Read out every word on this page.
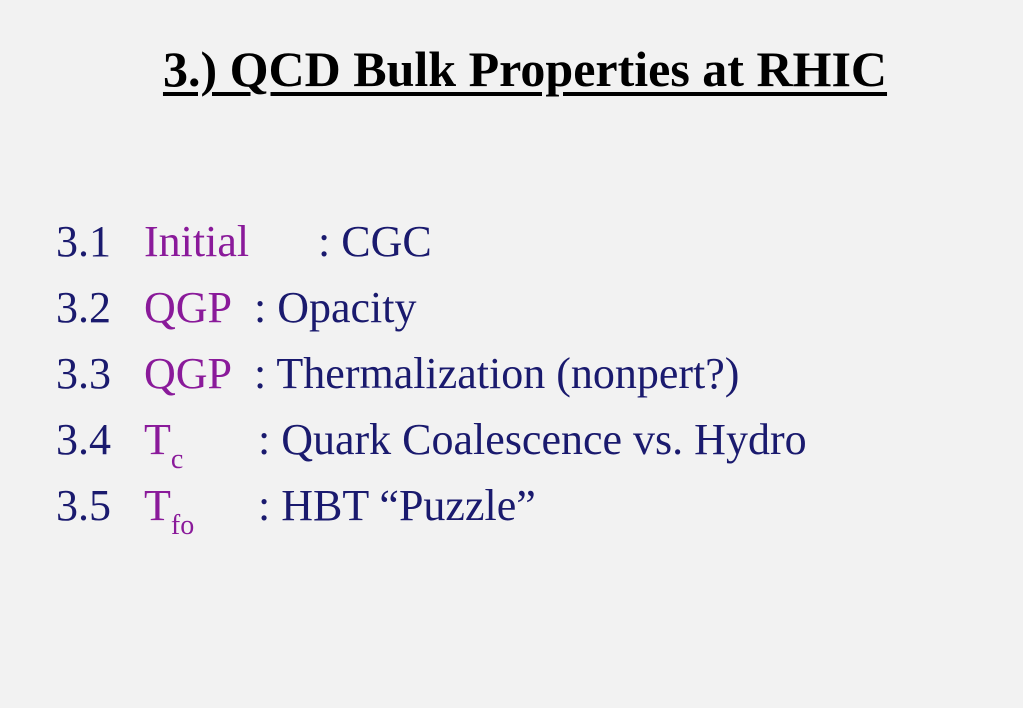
3.) QCD Bulk Properties at RHIC
3.1 Initial : CGC
3.2 QGP : Opacity
3.3 QGP : Thermalization (nonpert?)
3.4 $T_c$ : Quark Coalescence vs. Hydro
3.5 $T_{fo}$ : HBT “Puzzle”
